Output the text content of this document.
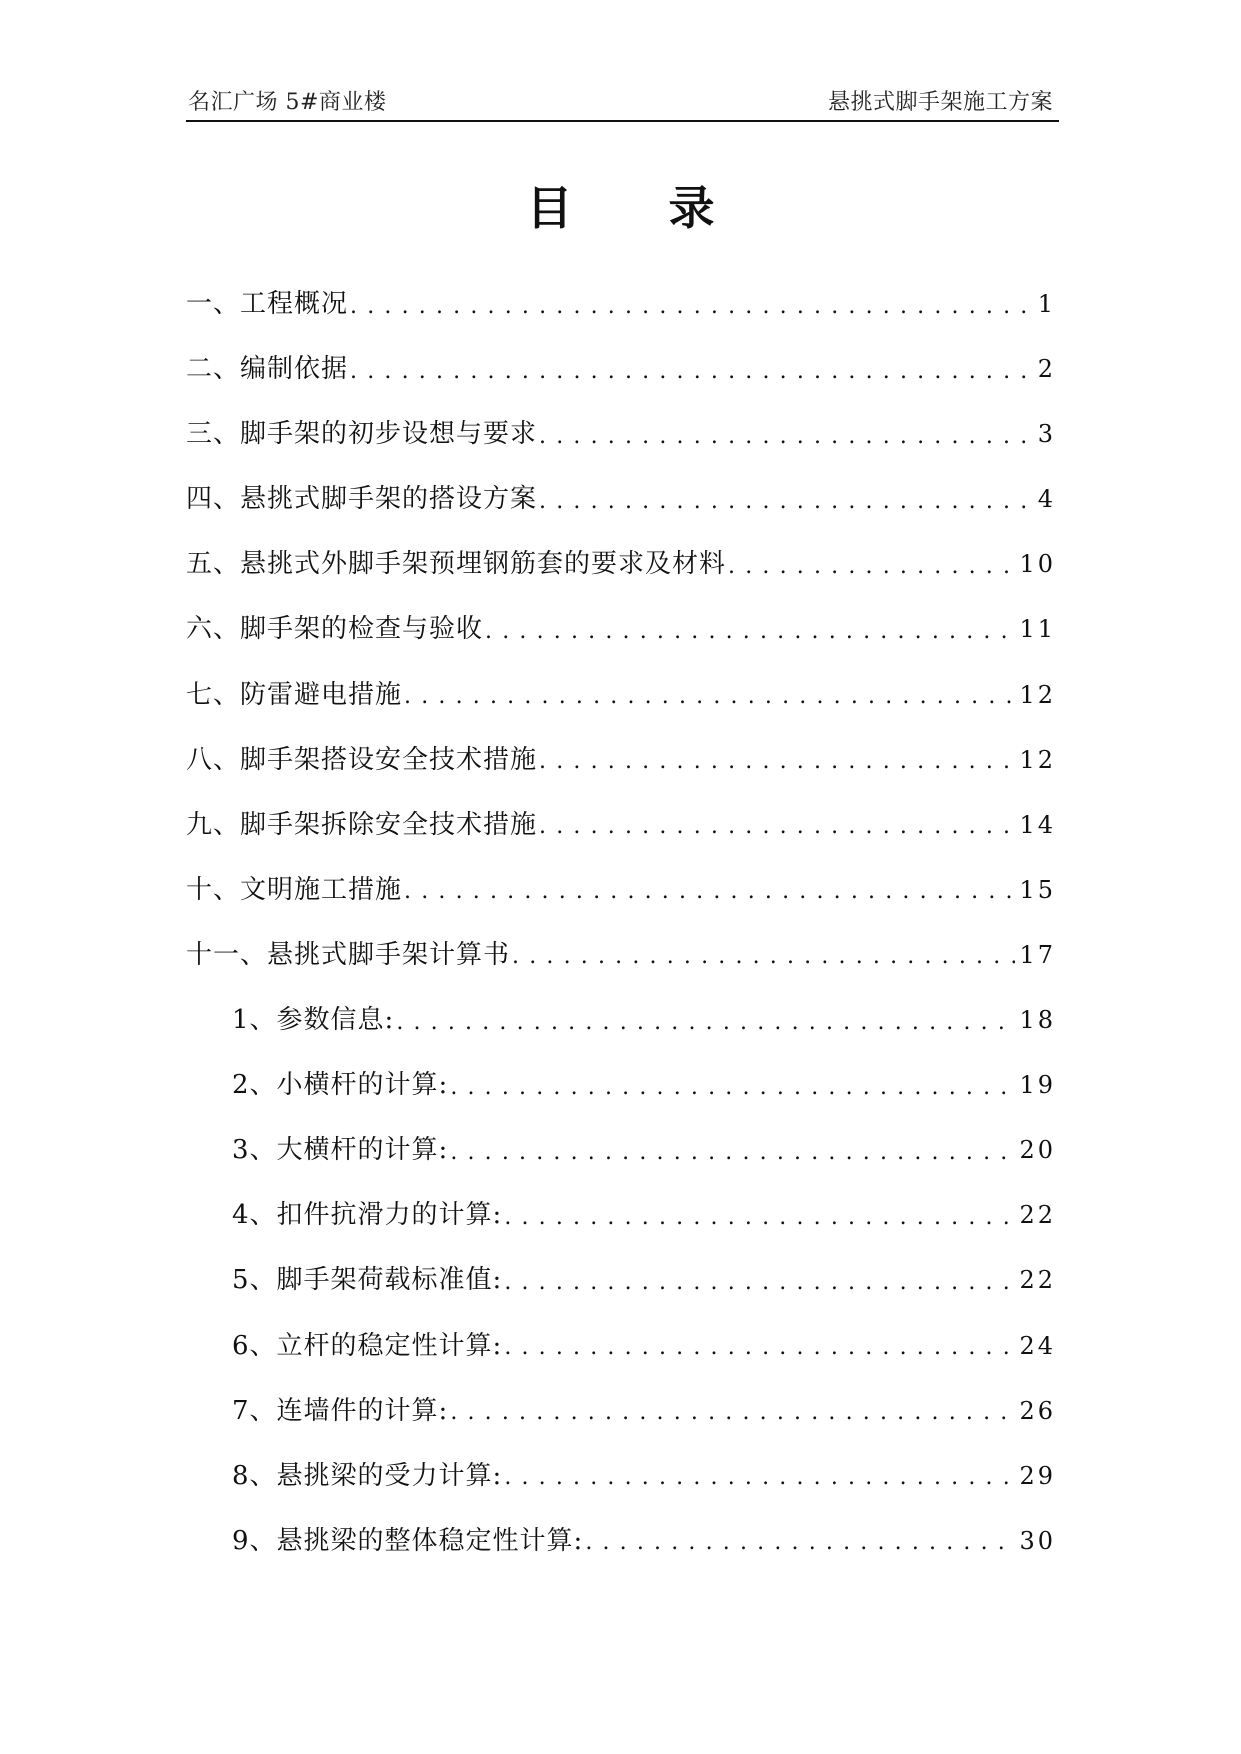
名汇广场 5#商业楼	悬挑式脚手架施工方案
目 录
一、工程概况 . . .	1
二、编制依据 . . .	2
三、脚手架的初步设想与要求 . . .	3
四、悬挑式脚手架的搭设方案 . . .	4
五、悬挑式外脚手架预埋钢筋套的要求及材料 . . .	10
六、脚手架的检查与验收 . . .	11
七、防雷避电措施 . . .	12
八、脚手架搭设安全技术措施 . . .	12
九、脚手架拆除安全技术措施 . . .	14
十、文明施工措施 . . .	15
十一、悬挑式脚手架计算书 . . .	17
1、参数信息: . . .	18
2、小横杆的计算: . . .	19
3、大横杆的计算: . . .	20
4、扣件抗滑力的计算: . . .	22
5、脚手架荷载标准值: . . .	22
6、立杆的稳定性计算: . . .	24
7、连墙件的计算: . . .	26
8、悬挑梁的受力计算: . . .	29
9、悬挑梁的整体稳定性计算: . . .	30
